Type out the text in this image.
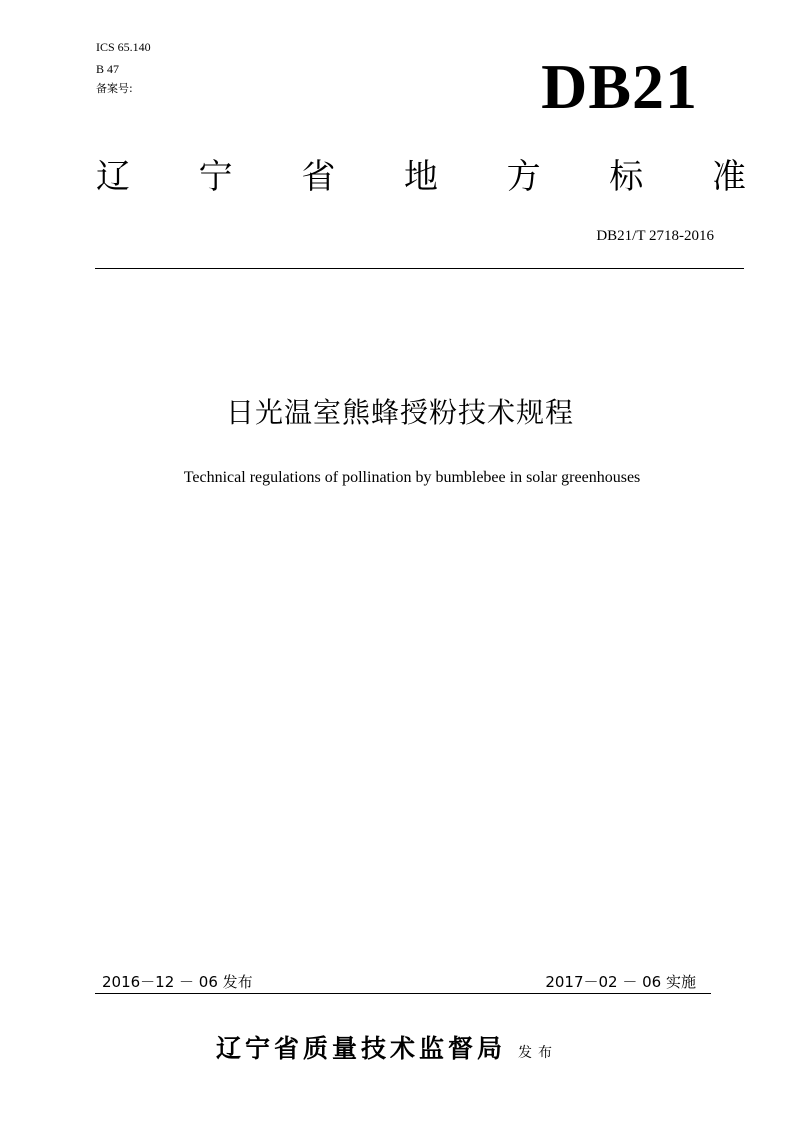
ICS 65.140
B 47
备案号:	DB21
辽 宁 省 地 方 标 准
DB21/T 2718-2016
日光温室熊蜂授粉技术规程
Technical regulations of pollination by bumblebee in solar greenhouses
2016－12 － 06 发布	2017－02 － 06 实施
辽宁省质量技术监督局 发布
